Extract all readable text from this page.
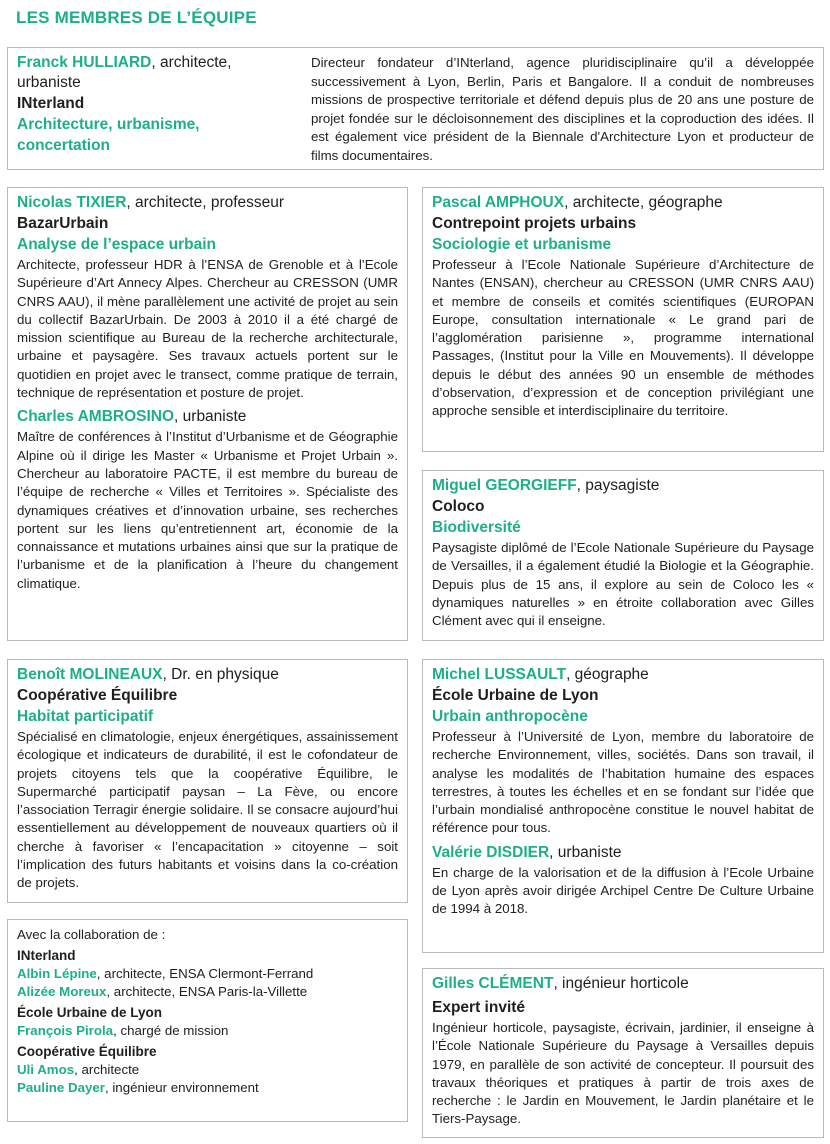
LES MEMBRES DE L’ÉQUIPE
Franck HULLIARD, architecte, urbaniste
INterland
Architecture, urbanisme, concertation
Directeur fondateur d’INterland, agence pluridisciplinaire qu’il a développée successivement à Lyon, Berlin, Paris et Bangalore. Il a conduit de nombreuses missions de prospective territoriale et défend depuis plus de 20 ans une posture de projet fondée sur le décloisonnement des disciplines et la coproduction des idées. Il est également vice président de la Biennale d'Architecture Lyon et producteur de films documentaires.
Nicolas TIXIER, architecte, professeur
BazarUrbain
Analyse de l’espace urbain
Architecte, professeur HDR à l’ENSA de Grenoble et à l’Ecole Supérieure d’Art Annecy Alpes. Chercheur au CRESSON (UMR CNRS AAU), il mène parallèlement une activité de projet au sein du collectif BazarUrbain. De 2003 à 2010 il a été chargé de mission scientifique au Bureau de la recherche architecturale, urbaine et paysagère. Ses travaux actuels portent sur le quotidien en projet avec le transect, comme pratique de terrain, technique de représentation et posture de projet.
Charles AMBROSINO, urbaniste
Maître de conférences à l’Institut d’Urbanisme et de Géographie Alpine où il dirige les Master « Urbanisme et Projet Urbain ». Chercheur au laboratoire PACTE, il est membre du bureau de l’équipe de recherche « Villes et Territoires ». Spécialiste des dynamiques créatives et d’innovation urbaine, ses recherches portent sur les liens qu’entretiennent art, économie de la connaissance et mutations urbaines ainsi que sur la pratique de l’urbanisme et de la planification à l’heure du changement climatique.
Pascal AMPHOUX, architecte, géographe
Contrepoint projets urbains
Sociologie et urbanisme
Professeur à l’Ecole Nationale Supérieure d’Architecture de Nantes (ENSAN), chercheur au CRESSON (UMR CNRS AAU) et membre de conseils et comités scientifiques (EUROPAN Europe, consultation internationale « Le grand pari de l’agglomération parisienne », programme international Passages, (Institut pour la Ville en Mouvements). Il développe depuis le début des années 90 un ensemble de méthodes d’observation, d’expression et de conception privilégiant une approche sensible et interdisciplinaire du territoire.
Miguel GEORGIEFF, paysagiste
Coloco
Biodiversité
Paysagiste diplômé de l’Ecole Nationale Supérieure du Paysage de Versailles, il a également étudié la Biologie et la Géographie. Depuis plus de 15 ans, il explore au sein de Coloco les « dynamiques naturelles » en étroite collaboration avec Gilles Clément avec qui il enseigne.
Benoît MOLINEAUX, Dr. en physique
Coopérative Équilibre
Habitat participatif
Spécialisé en climatologie, enjeux énergétiques, assainissement écologique et indicateurs de durabilité, il est le cofondateur de projets citoyens tels que la coopérative Équilibre, le Supermarché participatif paysan – La Fève, ou encore l’association Terragir énergie solidaire. Il se consacre aujourd’hui essentiellement au développement de nouveaux quartiers où il cherche à favoriser « l’encapacitation » citoyenne – soit l’implication des futurs habitants et voisins dans la co-création de projets.
Michel LUSSAULT, géographe
École Urbaine de Lyon
Urbain anthropocène
Professeur à l’Université de Lyon, membre du laboratoire de recherche Environnement, villes, sociétés. Dans son travail, il analyse les modalités de l’habitation humaine des espaces terrestres, à toutes les échelles et en se fondant sur l’idée que l’urbain mondialisé anthropocène constitue le nouvel habitat de référence pour tous.
Valérie DISDIER, urbaniste
En charge de la valorisation et de la diffusion à l’Ecole Urbaine de Lyon après avoir dirigée Archipel Centre De Culture Urbaine de 1994 à 2018.
Avec la collaboration de :
INterland
Albin Lépine, architecte, ENSA Clermont-Ferrand
Alizée Moreux, architecte, ENSA Paris-la-Villette
École Urbaine de Lyon
François Pirola, chargé de mission
Coopérative Équilibre
Uli Amos, architecte
Pauline Dayer, ingénieur environnement
Gilles CLÉMENT, ingénieur horticole
Expert invité
Ingénieur horticole, paysagiste, écrivain, jardinier, il enseigne à l’École Nationale Supérieure du Paysage à Versailles depuis 1979, en parallèle de son activité de concepteur. Il poursuit des travaux théoriques et pratiques à partir de trois axes de recherche : le Jardin en Mouvement, le Jardin planétaire et le Tiers-Paysage.
